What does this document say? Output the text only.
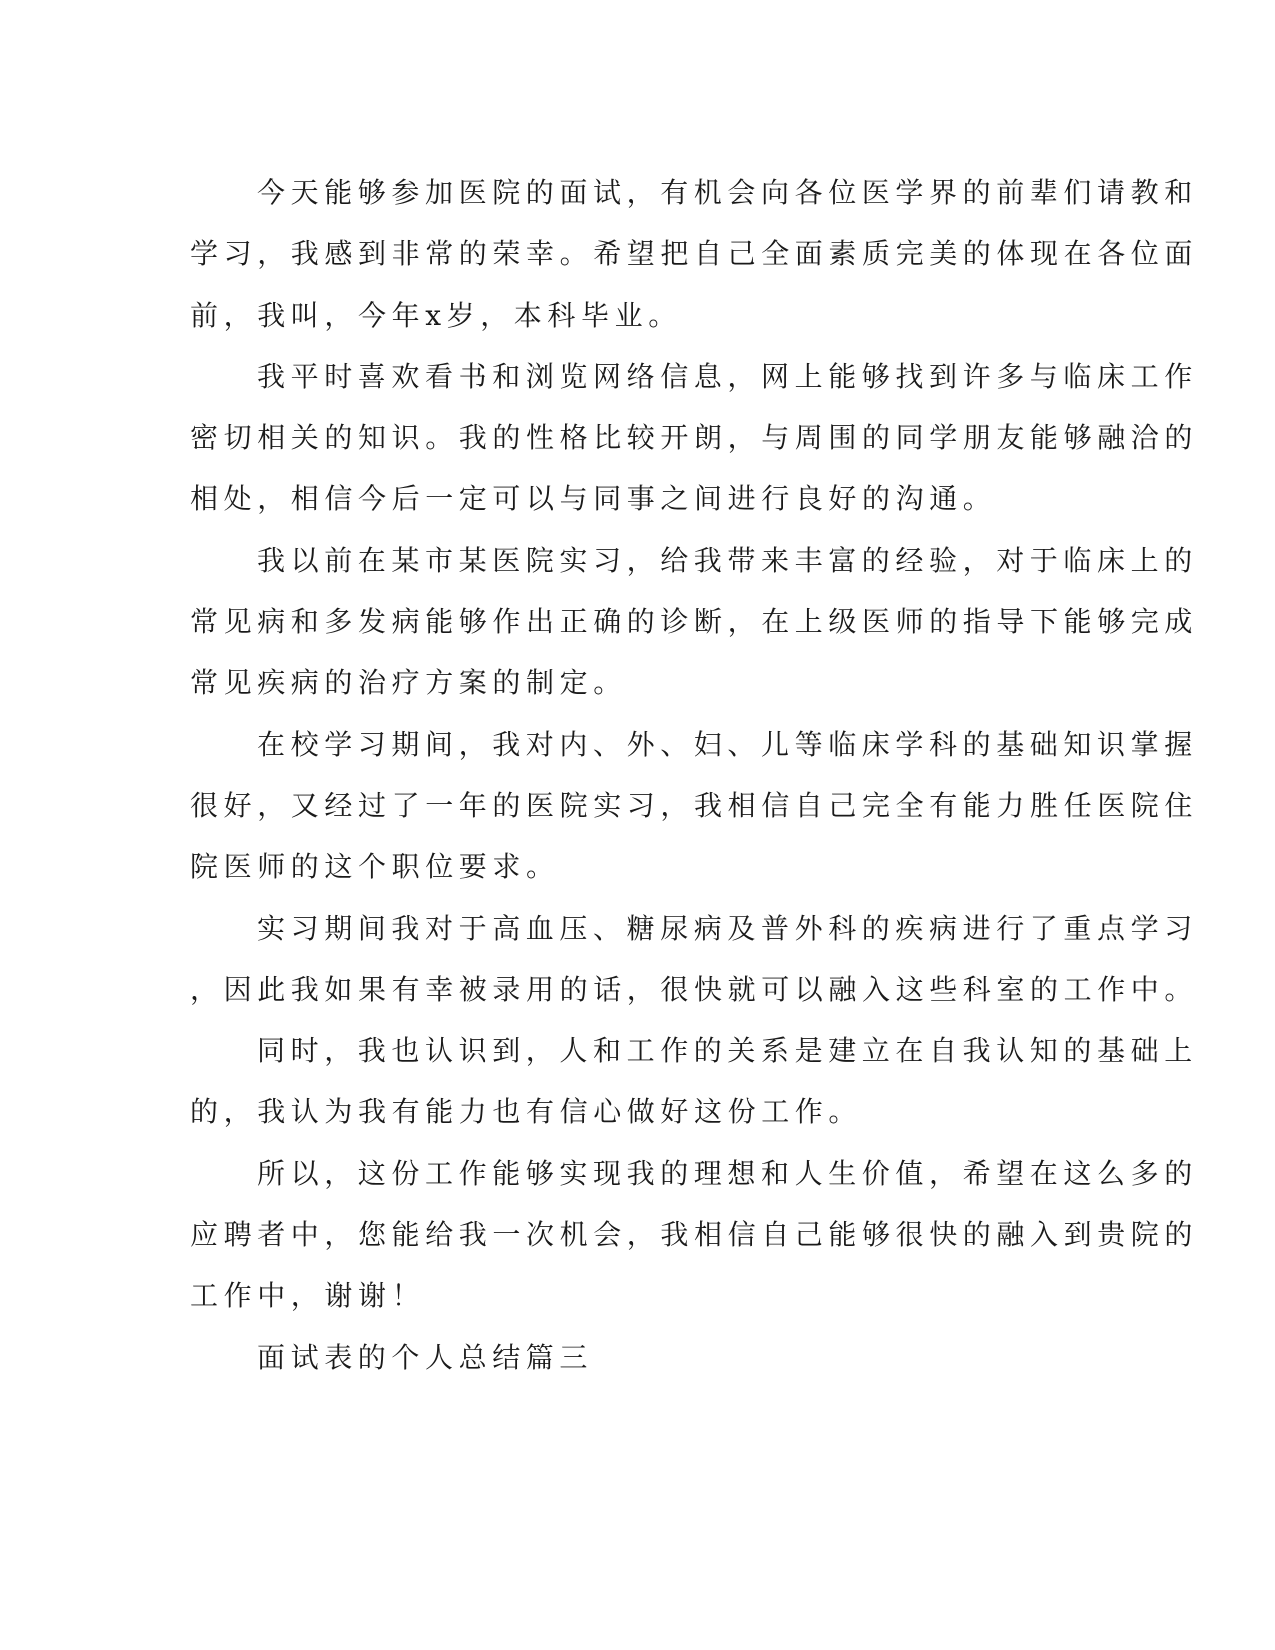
今天能够参加医院的面试，有机会向各位医学界的前辈们请教和
学习，我感到非常的荣幸。希望把自己全面素质完美的体现在各位面
前，我叫，今年x岁，本科毕业。
我平时喜欢看书和浏览网络信息，网上能够找到许多与临床工作
密切相关的知识。我的性格比较开朗，与周围的同学朋友能够融洽的
相处，相信今后一定可以与同事之间进行良好的沟通。
我以前在某市某医院实习，给我带来丰富的经验，对于临床上的
常见病和多发病能够作出正确的诊断，在上级医师的指导下能够完成
常见疾病的治疗方案的制定。
在校学习期间，我对内、外、妇、儿等临床学科的基础知识掌握
很好，又经过了一年的医院实习，我相信自己完全有能力胜任医院住
院医师的这个职位要求。
实习期间我对于高血压、糖尿病及普外科的疾病进行了重点学习
，因此我如果有幸被录用的话，很快就可以融入这些科室的工作中。
同时，我也认识到，人和工作的关系是建立在自我认知的基础上
的，我认为我有能力也有信心做好这份工作。
所以，这份工作能够实现我的理想和人生价值，希望在这么多的
应聘者中，您能给我一次机会，我相信自己能够很快的融入到贵院的
工作中，谢谢！
面试表的个人总结篇三
